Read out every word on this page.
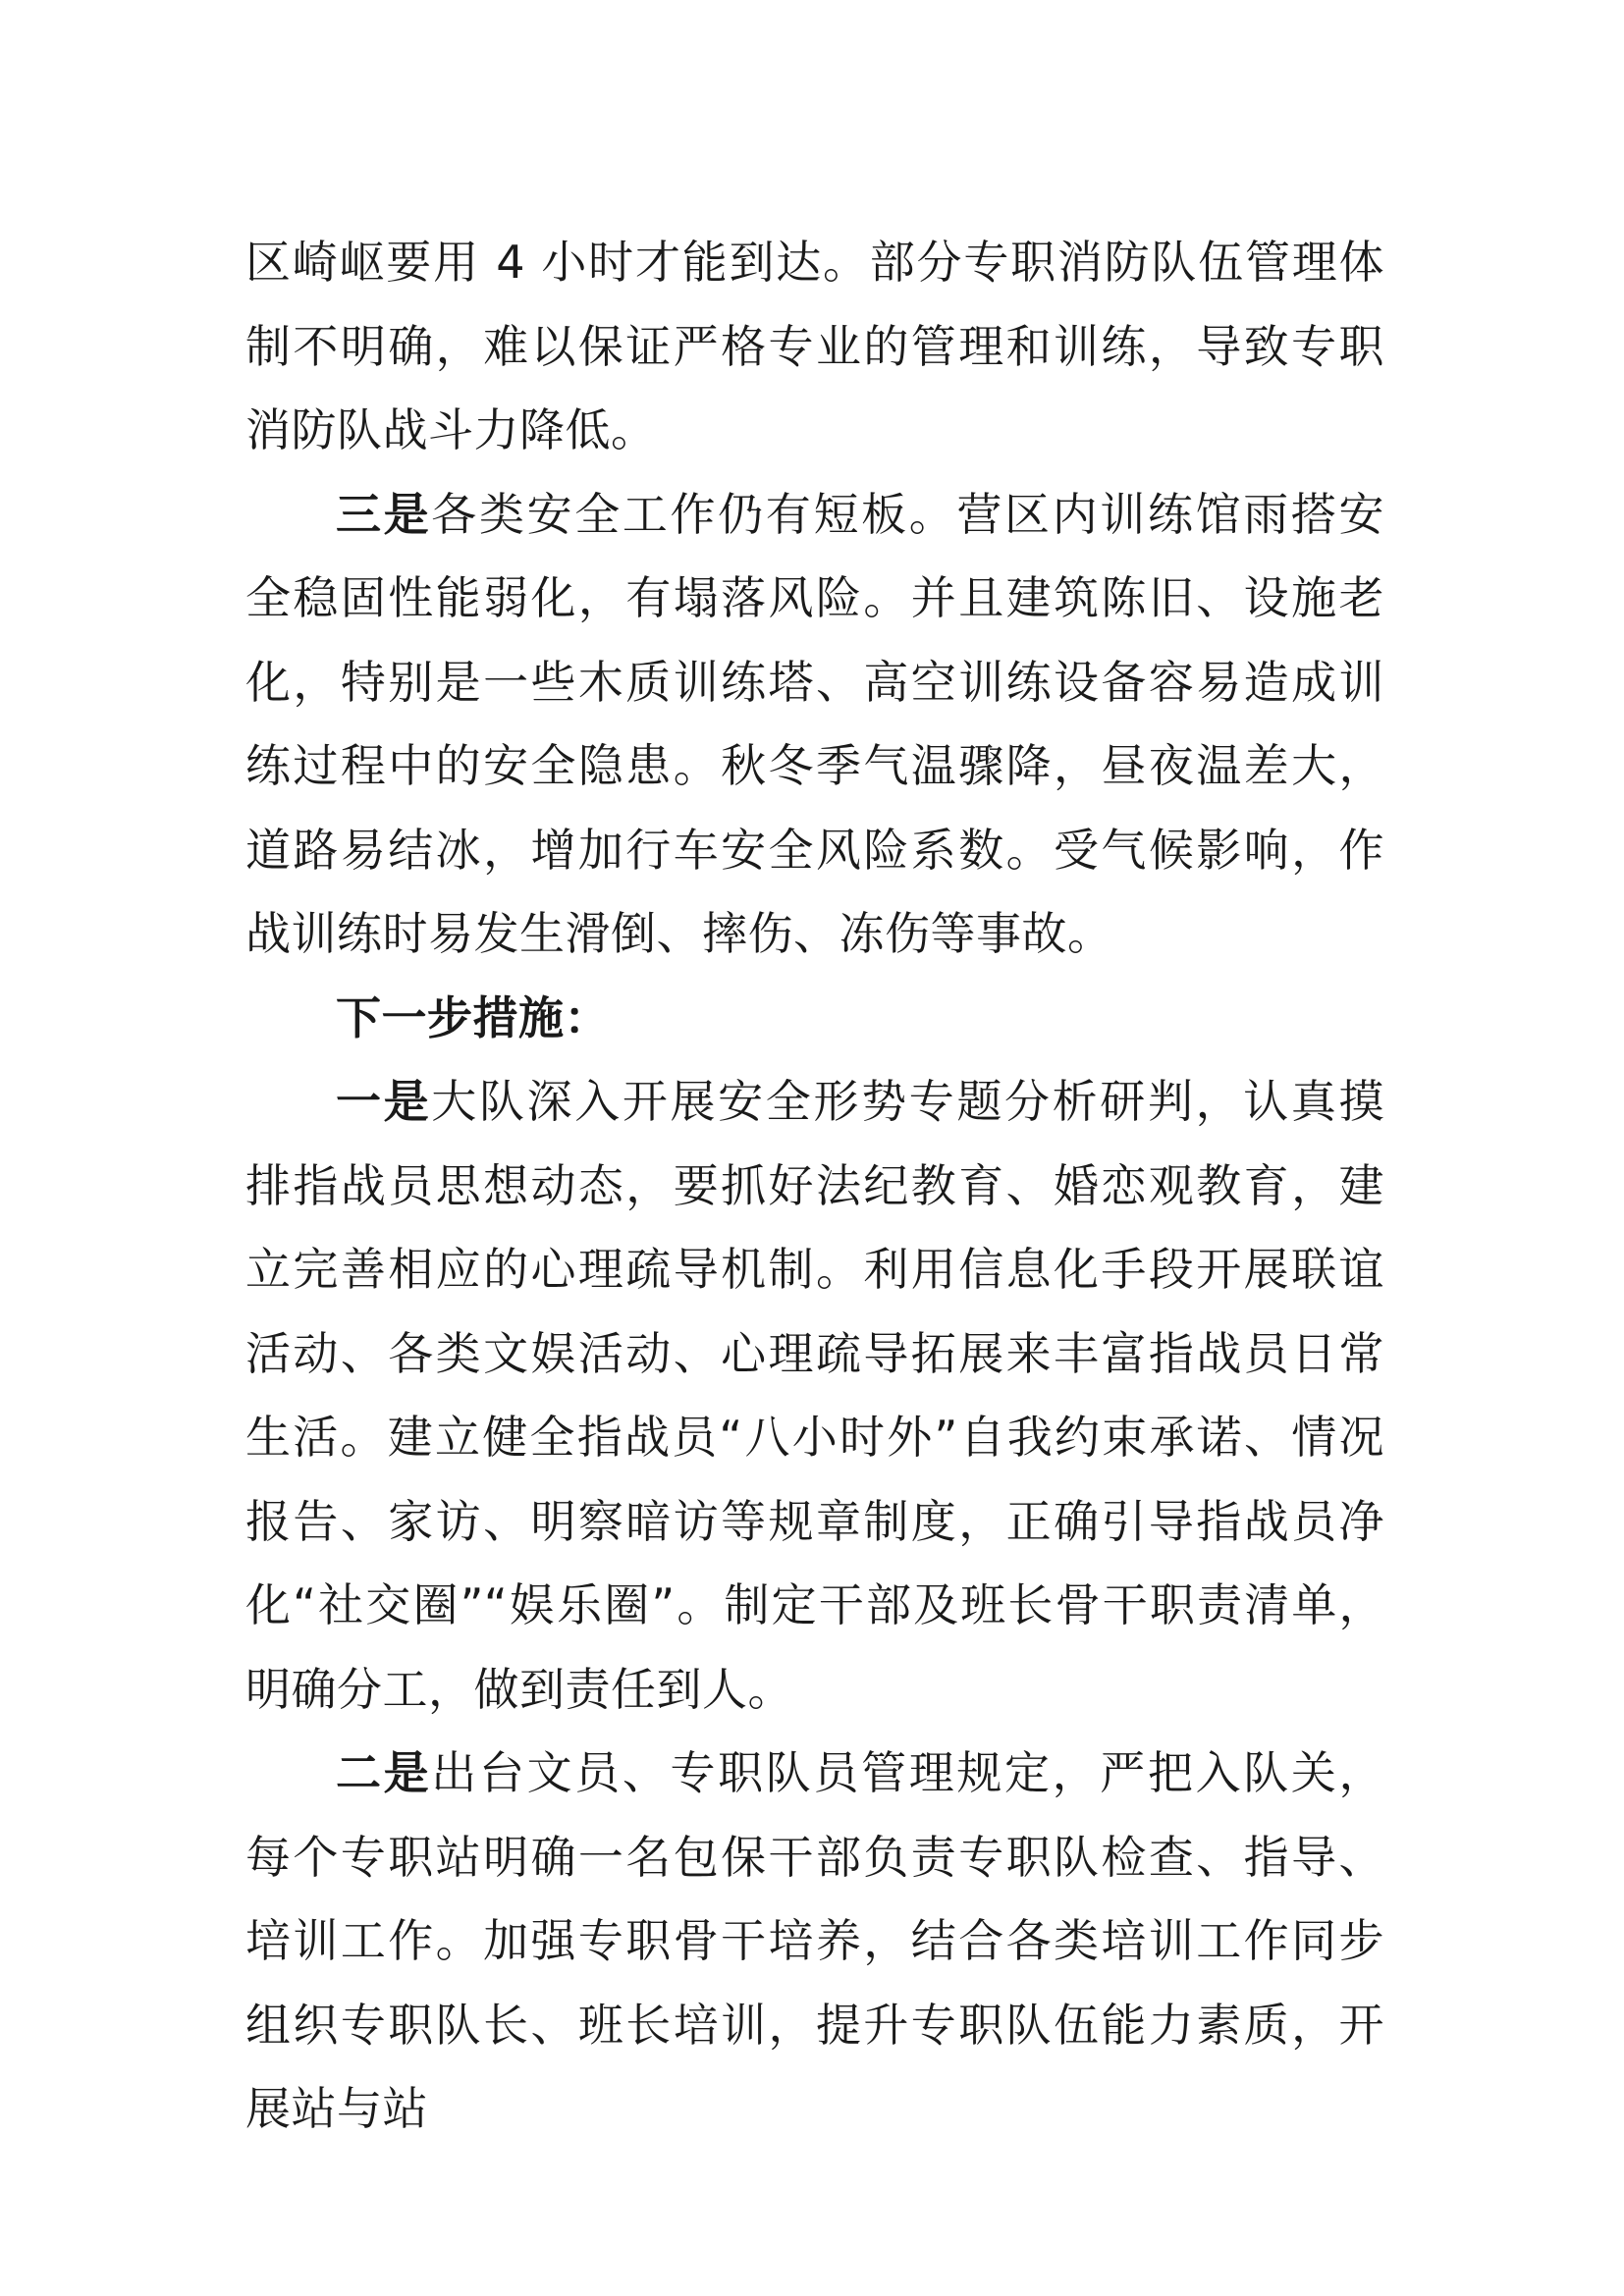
区崎岖要用 4 小时才能到达。部分专职消防队伍管理体制不明确，难以保证严格专业的管理和训练，导致专职消防队战斗力降低。

三是各类安全工作仍有短板。营区内训练馆雨搭安全稳固性能弱化，有塌落风险。并且建筑陈旧、设施老化，特别是一些木质训练塔、高空训练设备容易造成训练过程中的安全隐患。秋冬季气温骤降，昼夜温差大，道路易结冰，增加行车安全风险系数。受气候影响，作战训练时易发生滑倒、摔伤、冻伤等事故。

下一步措施：

一是大队深入开展安全形势专题分析研判，认真摸排指战员思想动态，要抓好法纪教育、婚恋观教育，建立完善相应的心理疏导机制。利用信息化手段开展联谊活动、各类文娱活动、心理疏导拓展来丰富指战员日常生活。建立健全指战员“八小时外”自我约束承诺、情况报告、家访、明察暗访等规章制度，正确引导指战员净化“社交圈”“娱乐圈”。制定干部及班长骨干职责清单，明确分工，做到责任到人。

二是出台文员、专职队员管理规定，严把入队关，每个专职站明确一名包保干部负责专职队检查、指导、培训工作。加强专职骨干培养，结合各类培训工作同步组织专职队长、班长培训，提升专职队伍能力素质，开展站与站
